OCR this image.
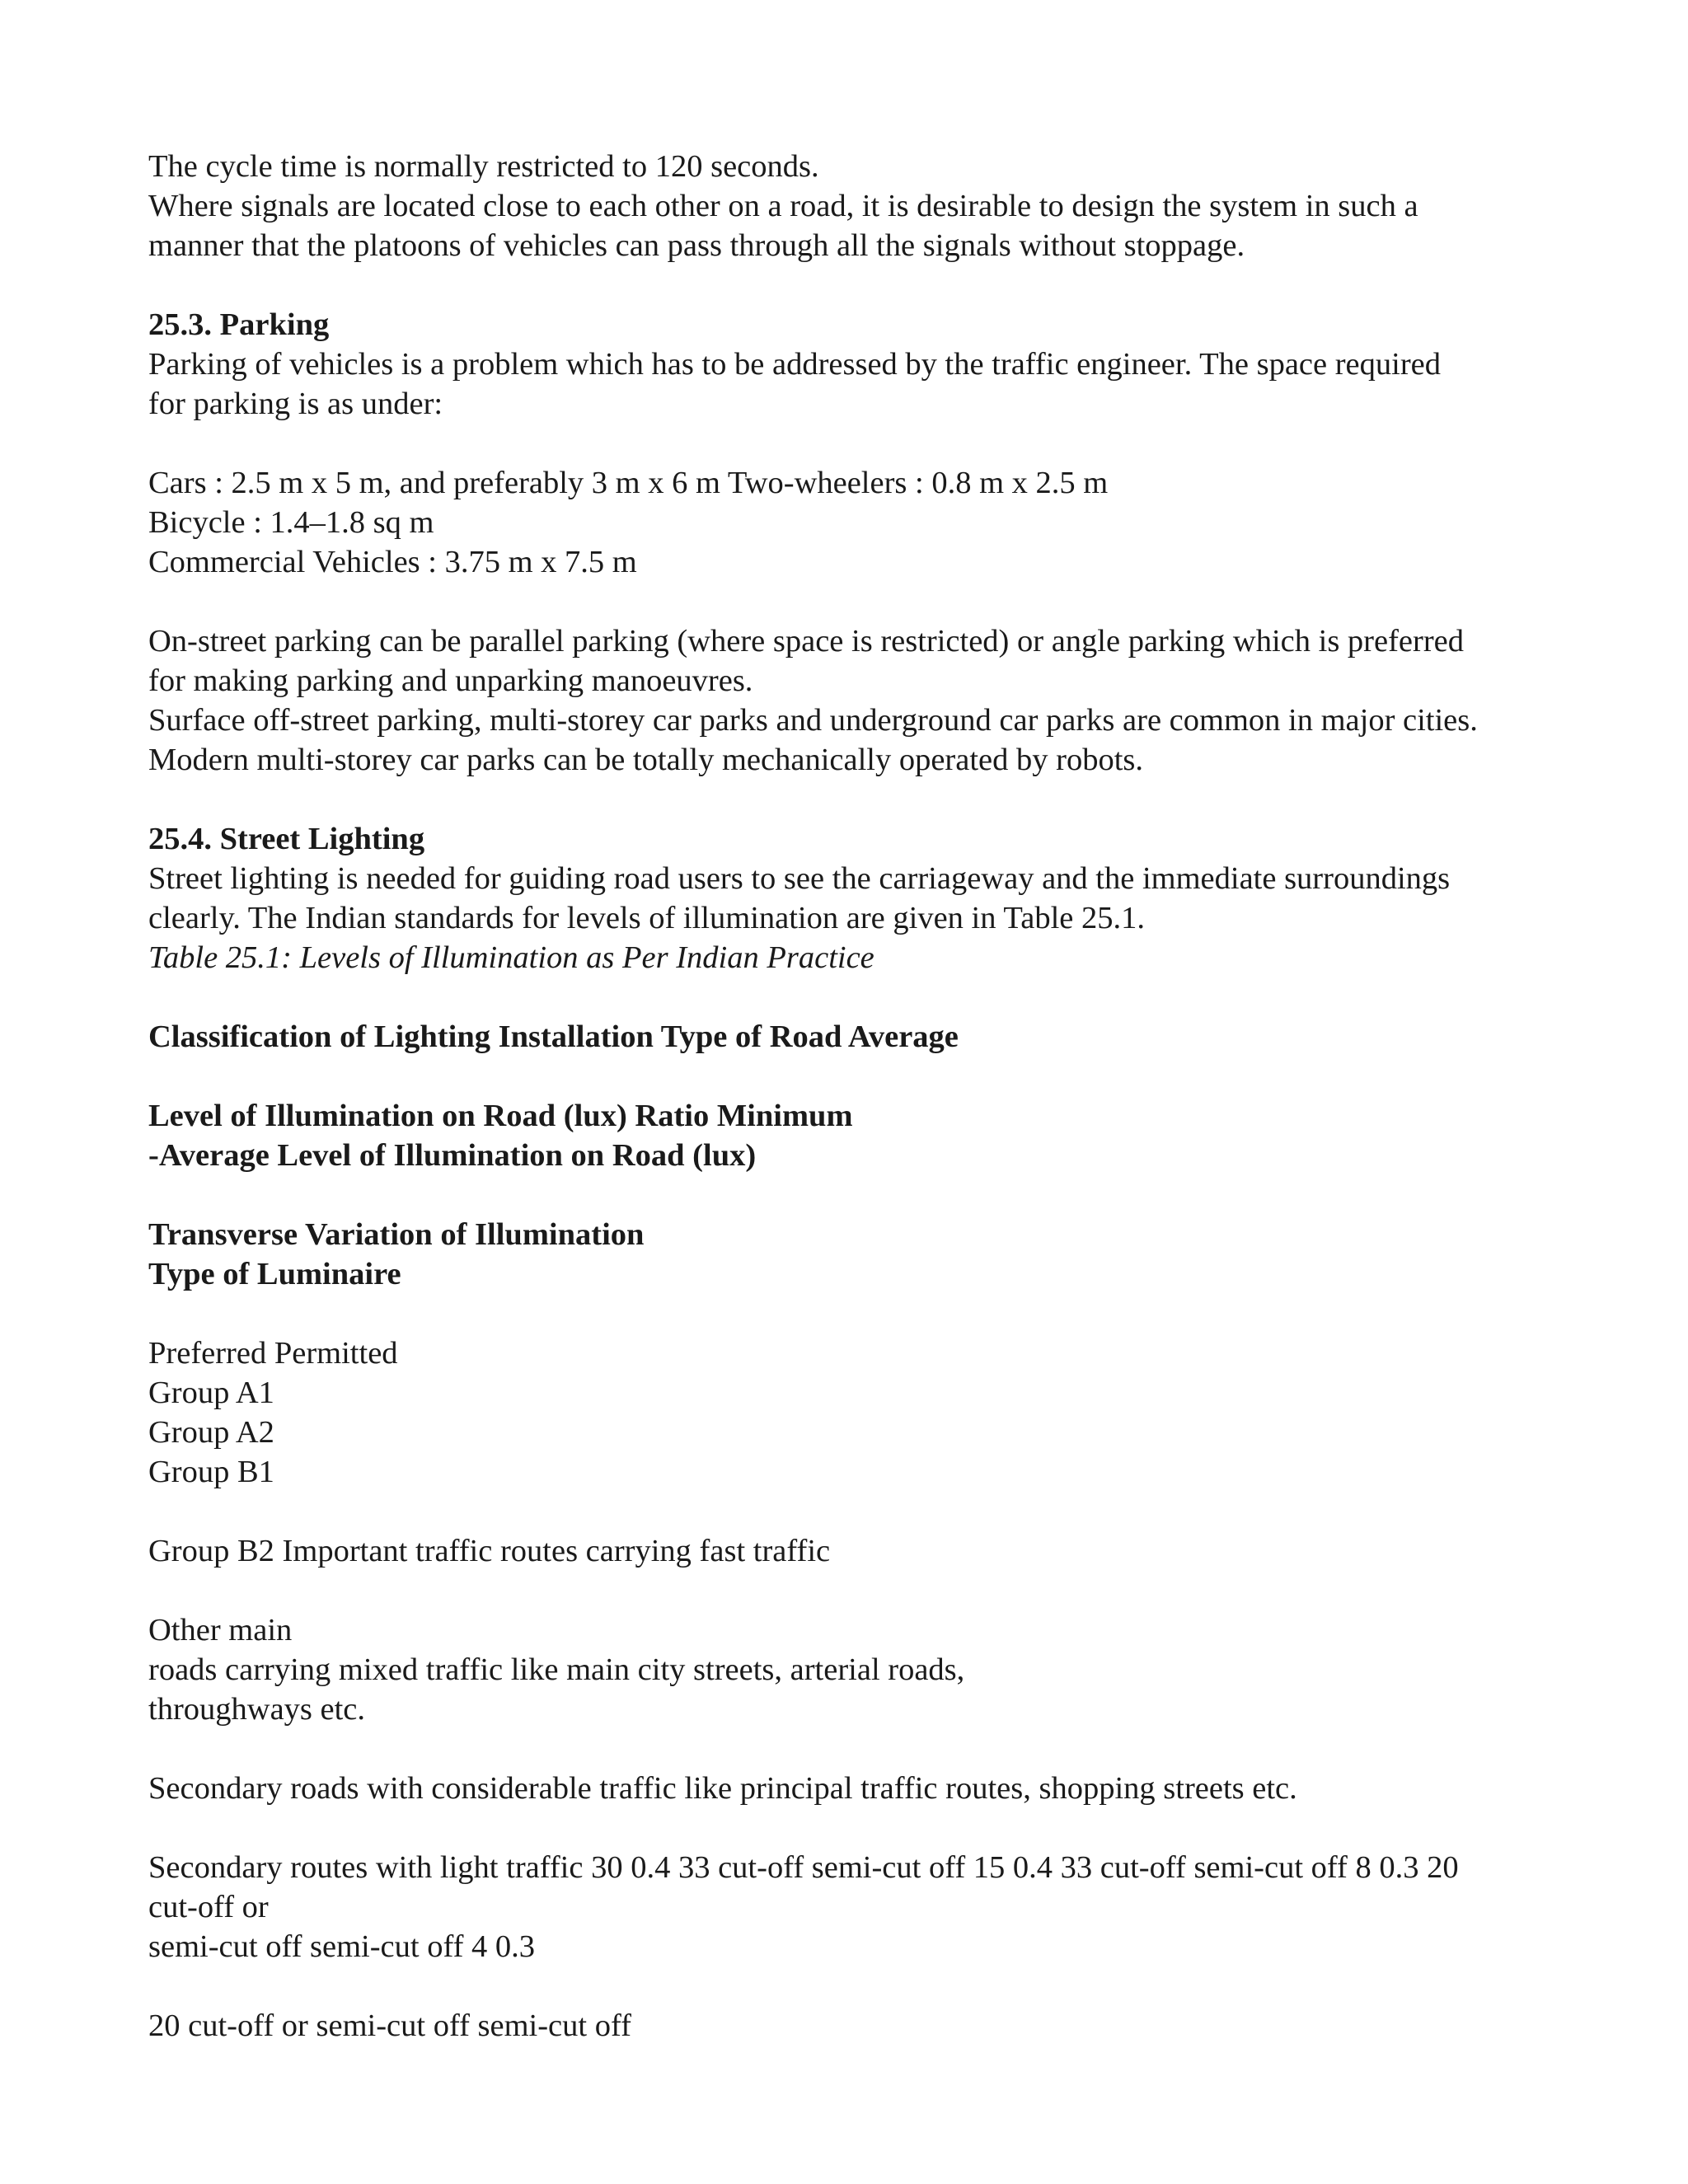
The cycle time is normally restricted to 120 seconds.
Where signals are located close to each other on a road, it is desirable to design the system in such a
manner that the platoons of vehicles can pass through all the signals without stoppage.
25.3. Parking
Parking of vehicles is a problem which has to be addressed by the traffic engineer. The space required
for parking is as under:
Cars : 2.5 m x 5 m, and preferably 3 m x 6 m Two-wheelers : 0.8 m x 2.5 m
Bicycle : 1.4–1.8 sq m
Commercial Vehicles : 3.75 m x 7.5 m
On-street parking can be parallel parking (where space is restricted) or angle parking which is preferred
for making parking and unparking manoeuvres.
Surface off-street parking, multi-storey car parks and underground car parks are common in major cities.
Modern multi-storey car parks can be totally mechanically operated by robots.
25.4. Street Lighting
Street lighting is needed for guiding road users to see the carriageway and the immediate surroundings
clearly. The Indian standards for levels of illumination are given in Table 25.1.
Table 25.1: Levels of Illumination as Per Indian Practice
Classification of Lighting Installation Type of Road Average
Level of Illumination on Road (lux) Ratio Minimum
-Average Level of Illumination on Road (lux)
Transverse Variation of Illumination
Type of Luminaire
Preferred Permitted
Group A1
Group A2
Group B1
Group B2 Important traffic routes carrying fast traffic
Other main
roads carrying mixed traffic like main city streets, arterial roads,
throughways etc.
Secondary roads with considerable traffic like principal traffic routes, shopping streets etc.
Secondary routes with light traffic 30 0.4 33 cut-off semi-cut off 15 0.4 33 cut-off semi-cut off 8 0.3 20
cut-off or
semi-cut off semi-cut off 4 0.3
20 cut-off or semi-cut off semi-cut off
